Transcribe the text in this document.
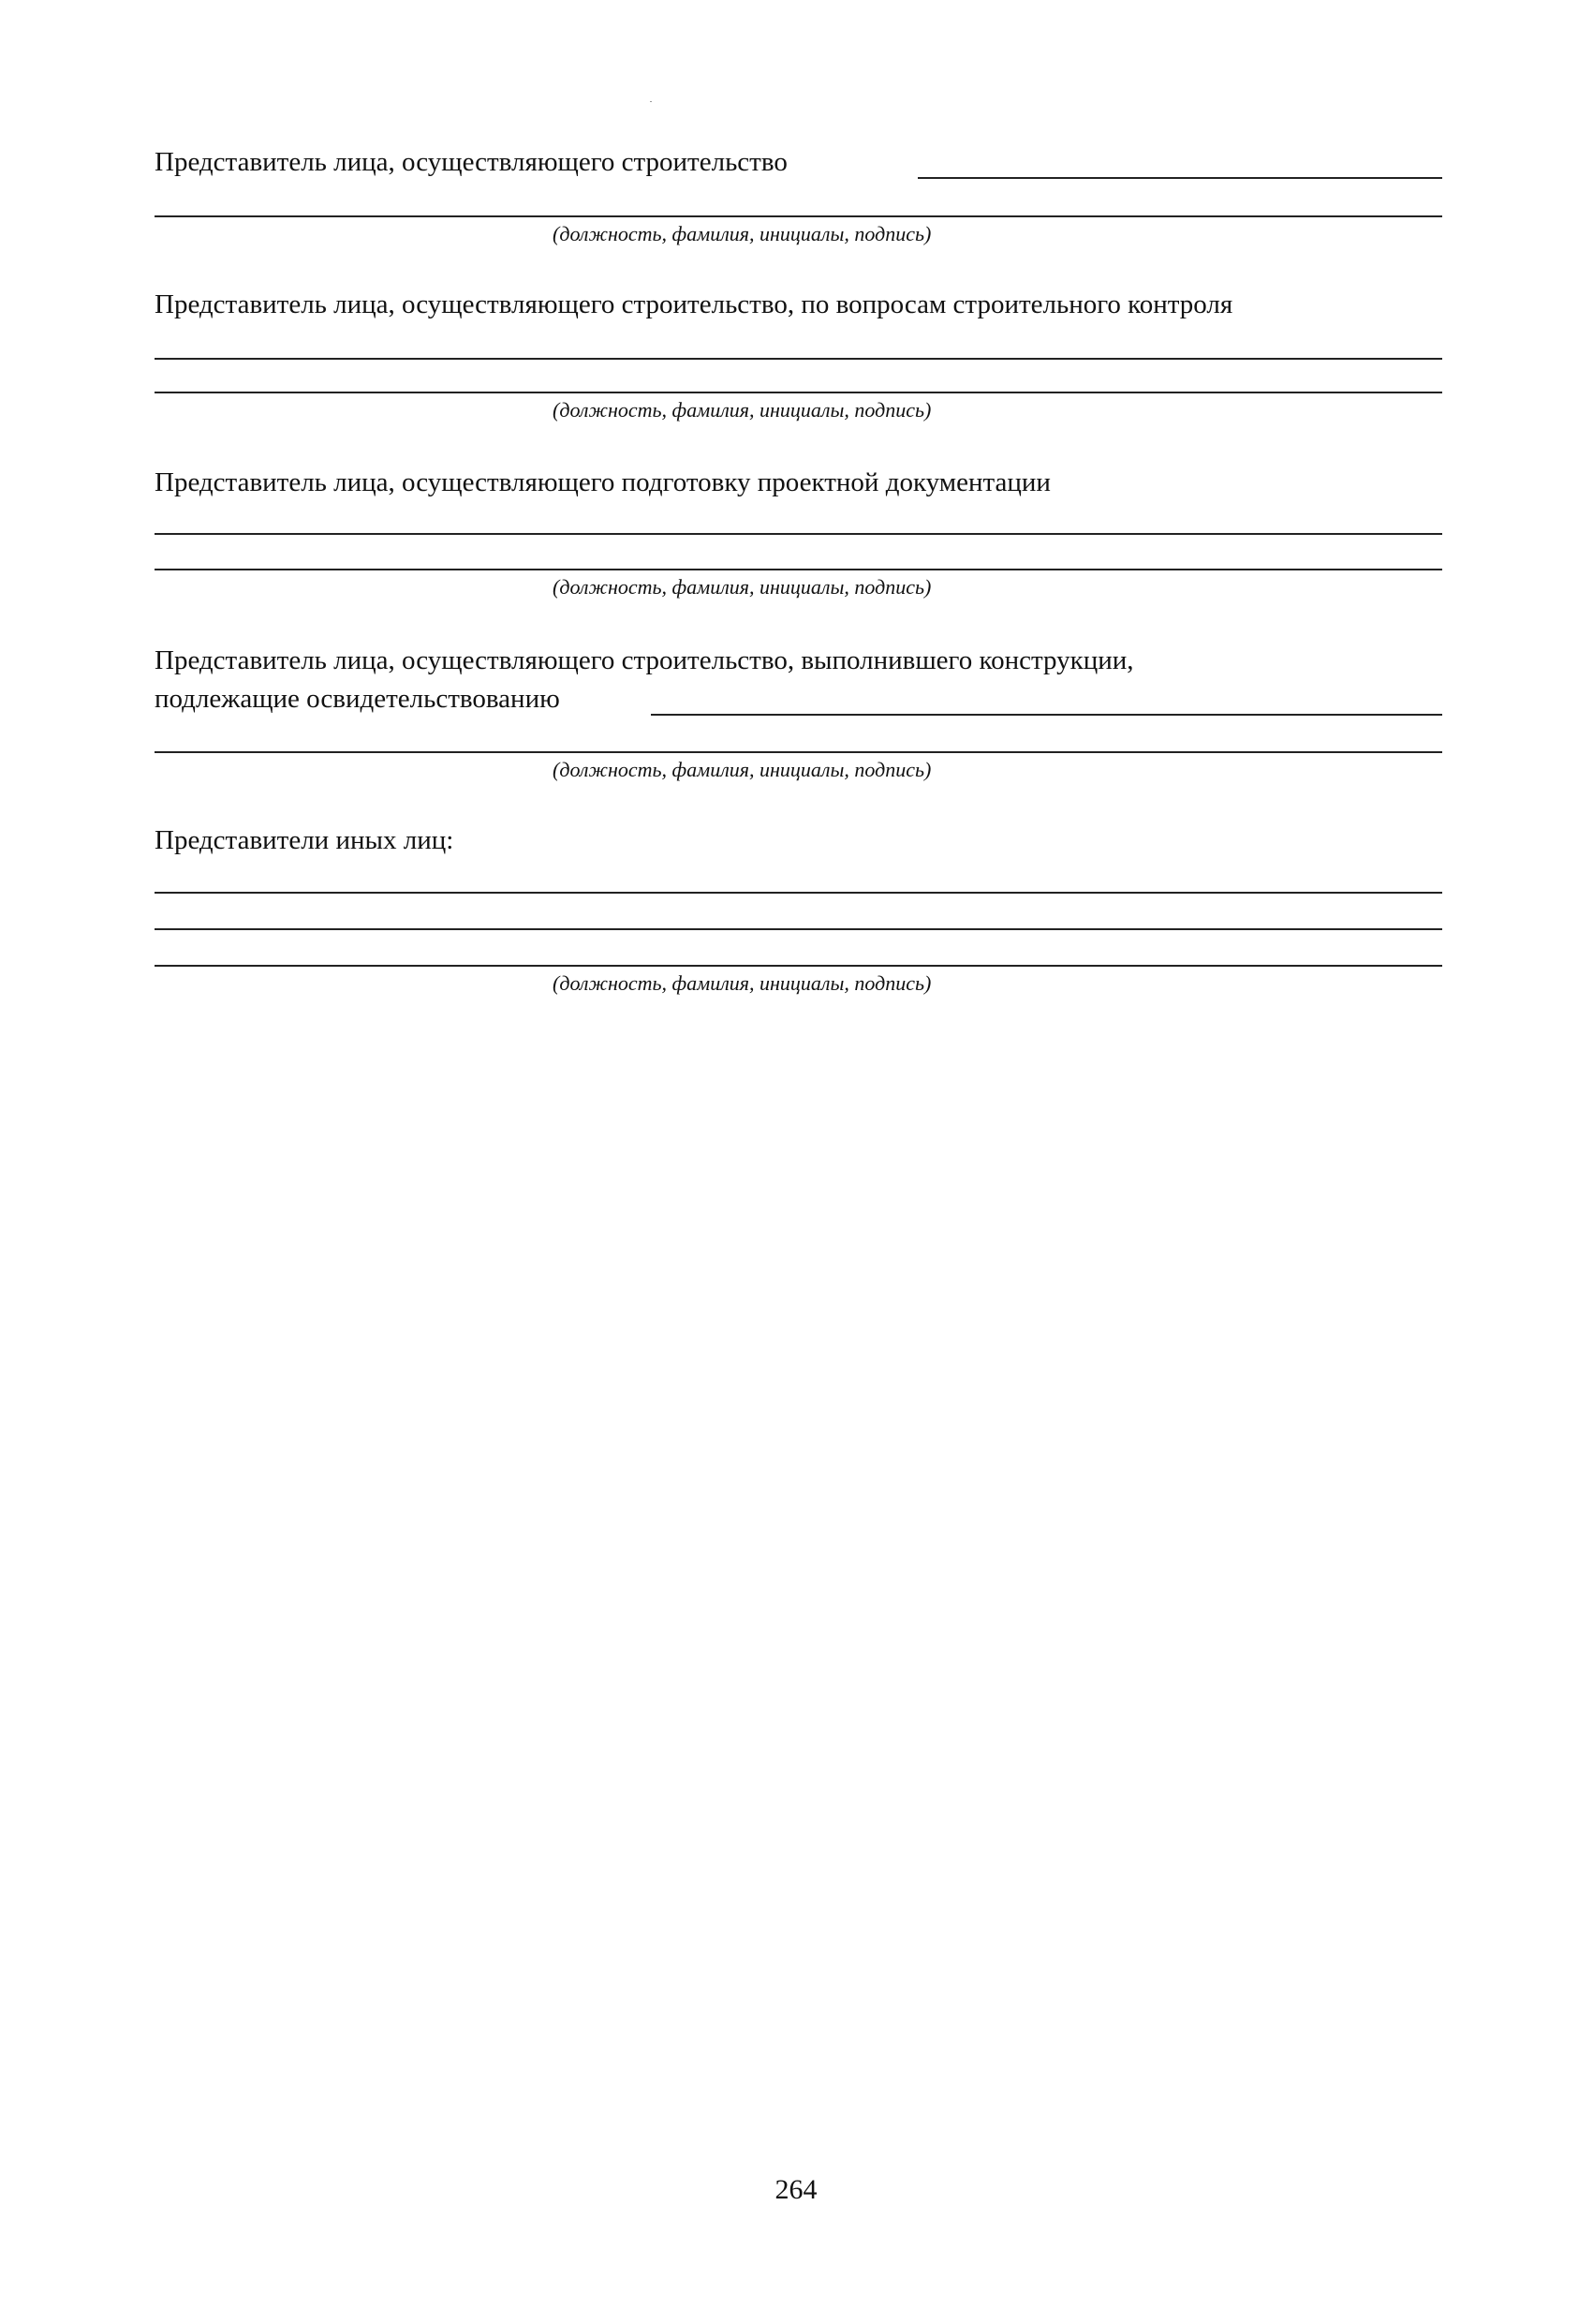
Представитель лица, осуществляющего строительство
(должность, фамилия, инициалы, подпись)
Представитель лица, осуществляющего строительство, по вопросам строительного контроля
(должность, фамилия, инициалы, подпись)
Представитель лица, осуществляющего подготовку проектной документации
(должность, фамилия, инициалы, подпись)
Представитель лица, осуществляющего строительство, выполнившего конструкции,
подлежащие освидетельствованию
(должность, фамилия, инициалы, подпись)
Представители иных лиц:
(должность, фамилия, инициалы, подпись)
264
